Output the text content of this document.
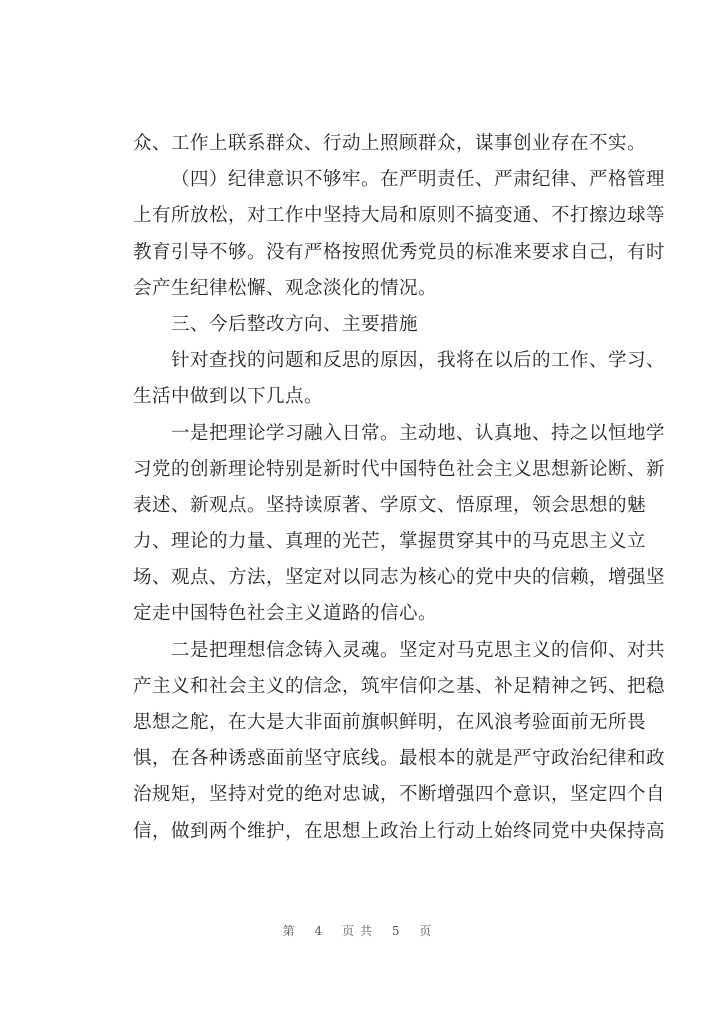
众、工作上联系群众、行动上照顾群众，谋事创业存在不实。
（四）纪律意识不够牢。在严明责任、严肃纪律、严格管理
上有所放松，对工作中坚持大局和原则不搞变通、不打擦边球等
教育引导不够。没有严格按照优秀党员的标准来要求自己，有时
会产生纪律松懈、观念淡化的情况。
三、今后整改方向、主要措施
针对查找的问题和反思的原因，我将在以后的工作、学习、
生活中做到以下几点。
一是把理论学习融入日常。主动地、认真地、持之以恒地学
习党的创新理论特别是新时代中国特色社会主义思想新论断、新
表述、新观点。坚持读原著、学原文、悟原理，领会思想的魅
力、理论的力量、真理的光芒，掌握贯穿其中的马克思主义立
场、观点、方法，坚定对以同志为核心的党中央的信赖，增强坚
定走中国特色社会主义道路的信心。
二是把理想信念铸入灵魂。坚定对马克思主义的信仰、对共
产主义和社会主义的信念，筑牢信仰之基、补足精神之钙、把稳
思想之舵，在大是大非面前旗帜鲜明，在风浪考验面前无所畏
惧，在各种诱惑面前坚守底线。最根本的就是严守政治纪律和政
治规矩，坚持对党的绝对忠诚，不断增强四个意识，坚定四个自
信，做到两个维护，在思想上政治上行动上始终同党中央保持高
第 4 页共 5 页
